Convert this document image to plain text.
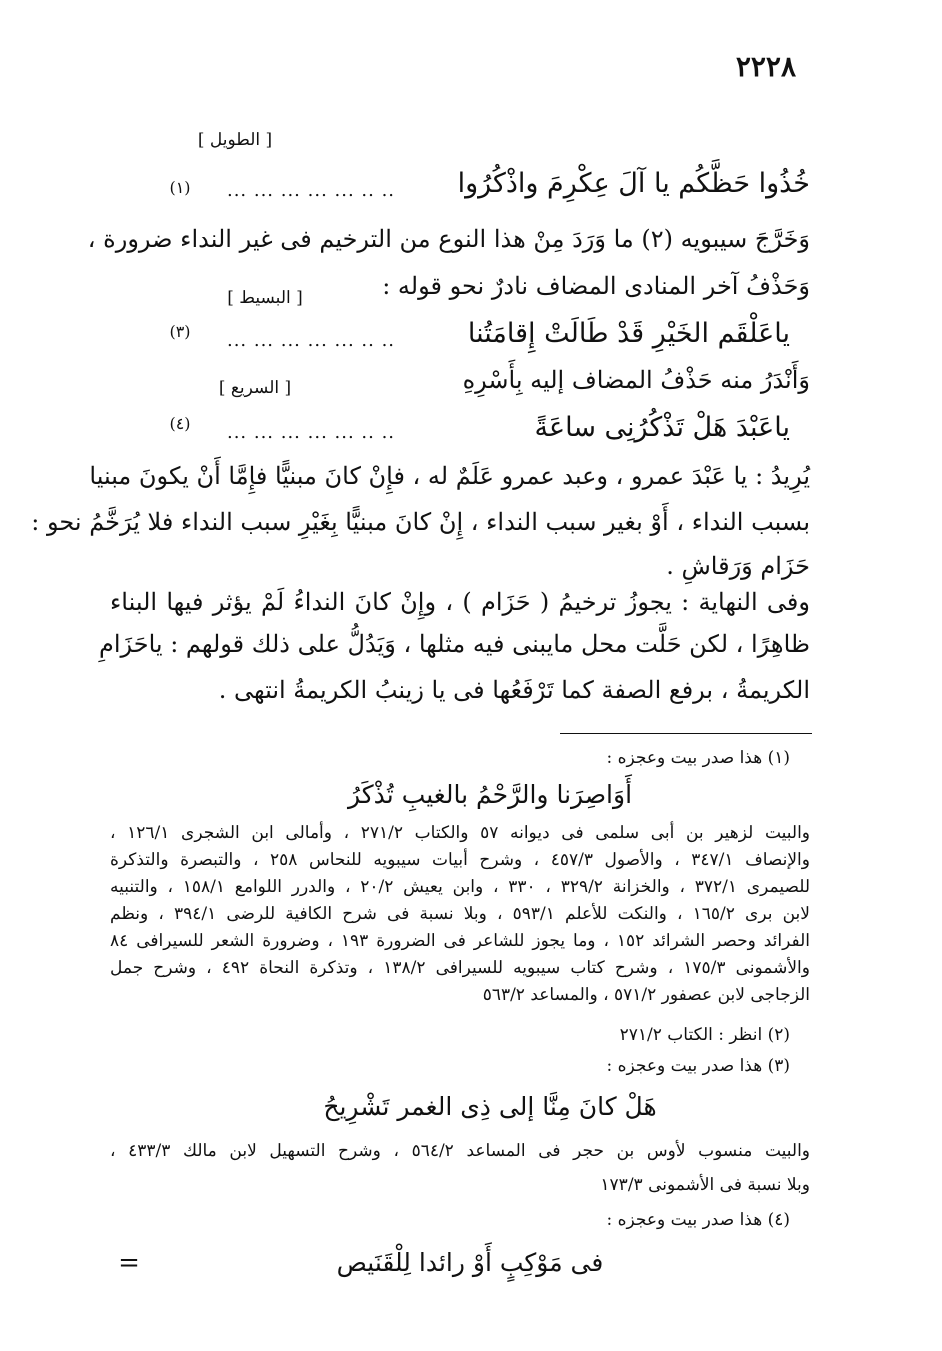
٢٢٢٨
[ الطويل ]
خُذُوا حَظَّكُم يا آلَ عِكْرِمَ واذْكُرُوا
... ... ... ... ... .. ..
(١)
وَخَرَّجَ سيبويه (٢) ما وَرَدَ مِنْ هذا النوع من الترخيم فى غير النداء ضرورة ،
وَحَذْفُ آخر المنادى المضاف نادرٌ نحو قوله :
[ البسيط ]
ياعَلْقَم الخَيْرِ قَدْ طَالَتْ إِقامَتُنا
... ... ... ... ... .. ..
(٣)
وَأَنْدَرُ منه حَذْفُ المضاف إليه بِأَسْرِهِ
[ السريع ]
ياعَبْدَ هَلْ تَذْكُرُنِى ساعَةً
... ... ... ... ... .. ..
(٤)
يُرِيدُ : يا عَبْدَ عمرو ، وعبد عمرو عَلَمٌ له ، فإِنْ كانَ مبنيًّا فإِمَّا أَنْ يكونَ مبنيا
بسبب النداء ، أَوْ بغير سبب النداء ، إِنْ كانَ مبنيًّا بِغَيْرِ سبب النداء فلا يُرَخَّمُ نحو :
حَزَام وَرَقاشِ .
وفى النهاية : يجوزُ ترخيمُ ( حَزَام ) ، وإِنْ كانَ النداءُ لَمْ يؤثر فيها البناء
ظاهِرًا ، لكن حَلَّت محل مايبنى فيه مثلها ، وَيَدُلُّ على ذلك قولهم : ياحَزَامِ
الكريمةُ ، برفع الصفة كما تَرْفَعُها فى يا زينبُ الكريمةُ انتهى .
(١) هذا صدر بيت وعجزه :
أَوَاصِرَنا والرَّحْمُ بالغيبِ تُذْكَرُ
والبيت لزهير بن أبى سلمى فى ديوانه ٥٧ والكتاب ٢٧١/٢ ، وأمالى ابن الشجرى ١٢٦/١ ،
والإنصاف ٣٤٧/١ ، والأصول ٤٥٧/٣ ، وشرح أبيات سيبويه للنحاس ٢٥٨ ، والتبصرة والتذكرة
للصيمرى ٣٧٢/١ ، والخزانة ٣٢٩/٢ ، ٣٣٠ ، وابن يعيش ٢٠/٢ ، والدرر اللوامع ١٥٨/١ ، والتنبيه
لابن برى ١٦٥/٢ ، والنكت للأعلم ٥٩٣/١ ، وبلا نسبة فى شرح الكافية للرضى ٣٩٤/١ ، ونظم
الفرائد وحصر الشرائد ١٥٢ ، وما يجوز للشاعر فى الضرورة ١٩٣ ، وضرورة الشعر للسيرافى ٨٤
والأشمونى ١٧٥/٣ ، وشرح كتاب سيبويه للسيرافى ١٣٨/٢ ، وتذكرة النحاة ٤٩٢ ، وشرح جمل
الزجاجى لابن عصفور ٥٧١/٢ ، والمساعد ٥٦٣/٢
(٢) انظر : الكتاب ٢٧١/٢
(٣) هذا صدر بيت وعجزه :
هَلْ كانَ مِنَّا إلى ذِى الغمر تَشْرِيحُ
والبيت منسوب لأوس بن حجر فى المساعد ٥٦٤/٢ ، وشرح التسهيل لابن مالك ٤٣٣/٣ ،
وبلا نسبة فى الأشمونى ١٧٣/٣
(٤) هذا صدر بيت وعجزه :
فى مَوْكِبٍ أَوْ رائدا لِلْقَنَيص
=
